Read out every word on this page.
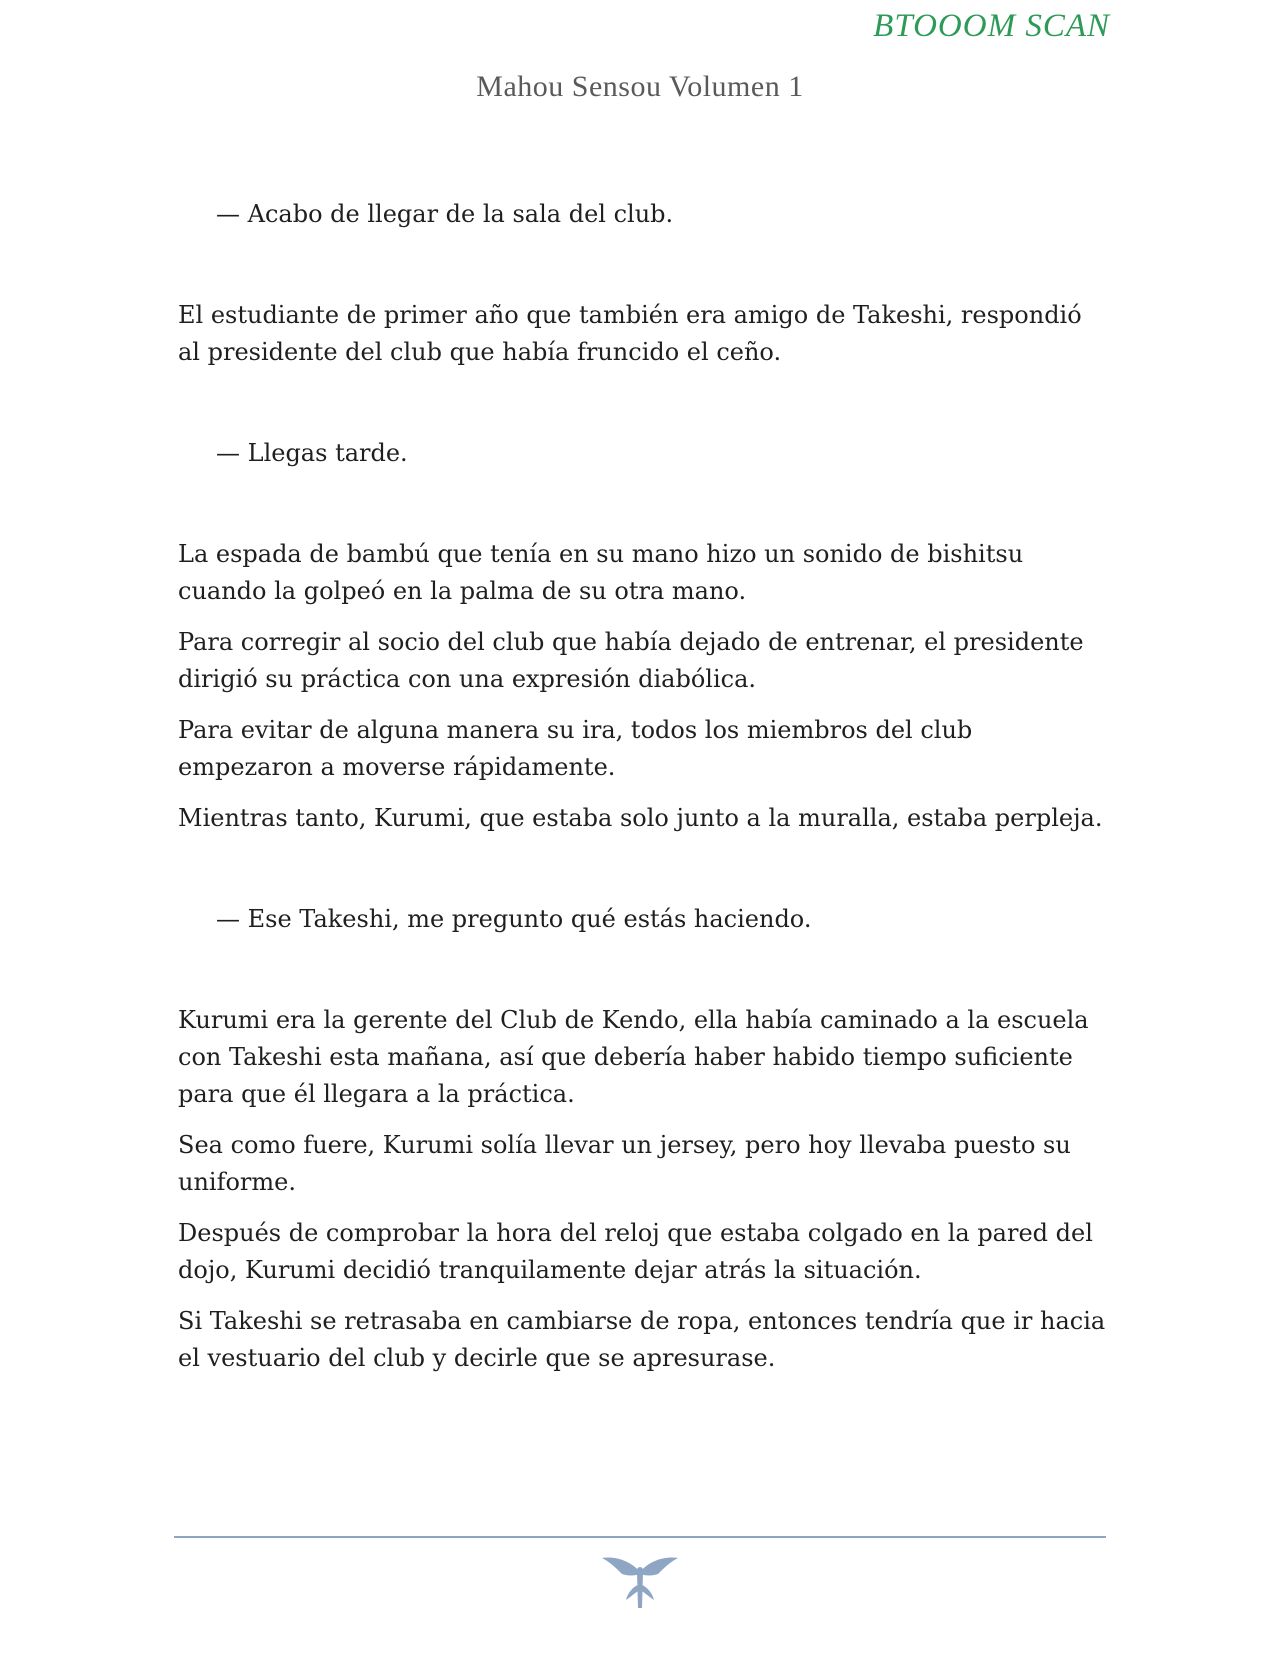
BTOOOM SCAN
Mahou Sensou Volumen 1

— Acabo de llegar de la sala del club.

El estudiante de primer año que también era amigo de Takeshi, respondió al presidente del club que había fruncido el ceño.

— Llegas tarde.

La espada de bambú que tenía en su mano hizo un sonido de bishitsu cuando la golpeó en la palma de su otra mano.

Para corregir al socio del club que había dejado de entrenar, el presidente dirigió su práctica con una expresión diabólica.

Para evitar de alguna manera su ira, todos los miembros del club empezaron a moverse rápidamente.

Mientras tanto, Kurumi, que estaba solo junto a la muralla, estaba perpleja.

— Ese Takeshi, me pregunto qué estás haciendo.

Kurumi era la gerente del Club de Kendo, ella había caminado a la escuela con Takeshi esta mañana, así que debería haber habido tiempo suficiente para que él llegara a la práctica.

Sea como fuere, Kurumi solía llevar un jersey, pero hoy llevaba puesto su uniforme.

Después de comprobar la hora del reloj que estaba colgado en la pared del dojo, Kurumi decidió tranquilamente dejar atrás la situación.

Si Takeshi se retrasaba en cambiarse de ropa, entonces tendría que ir hacia el vestuario del club y decirle que se apresurase.
